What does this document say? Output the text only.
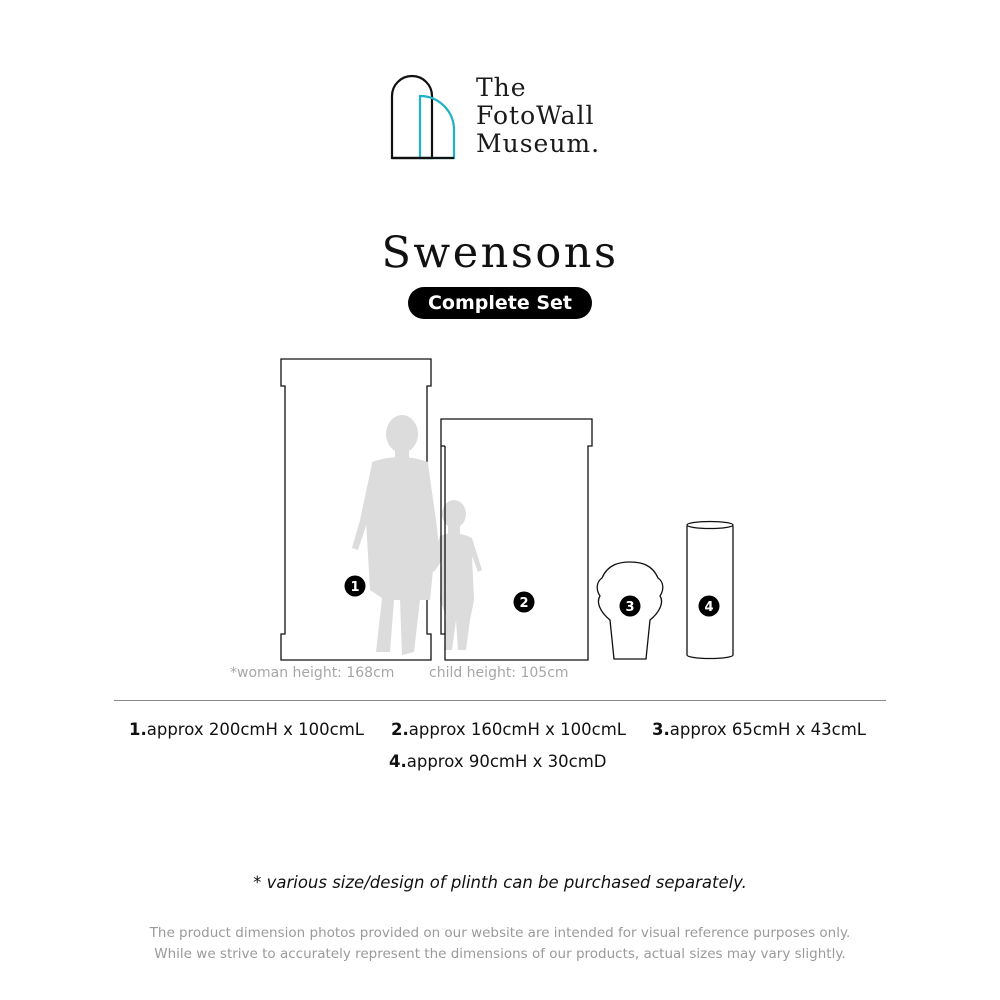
The
FotoWall
Museum.
Swensons
Complete Set
1
2	3	4
*woman height: 168cm child height: 105cm
1.approx 200cmH x 100cmL 2.approx 160cmH x 100cmL 3.approx 65cmH x 43cmL
4.approx 90cmH x 30cmD
* various size/design of plinth can be purchased separately.
The product dimension photos provided on our website are intended for visual reference purposes only.
While we strive to accurately represent the dimensions of our products, actual sizes may vary slightly.
